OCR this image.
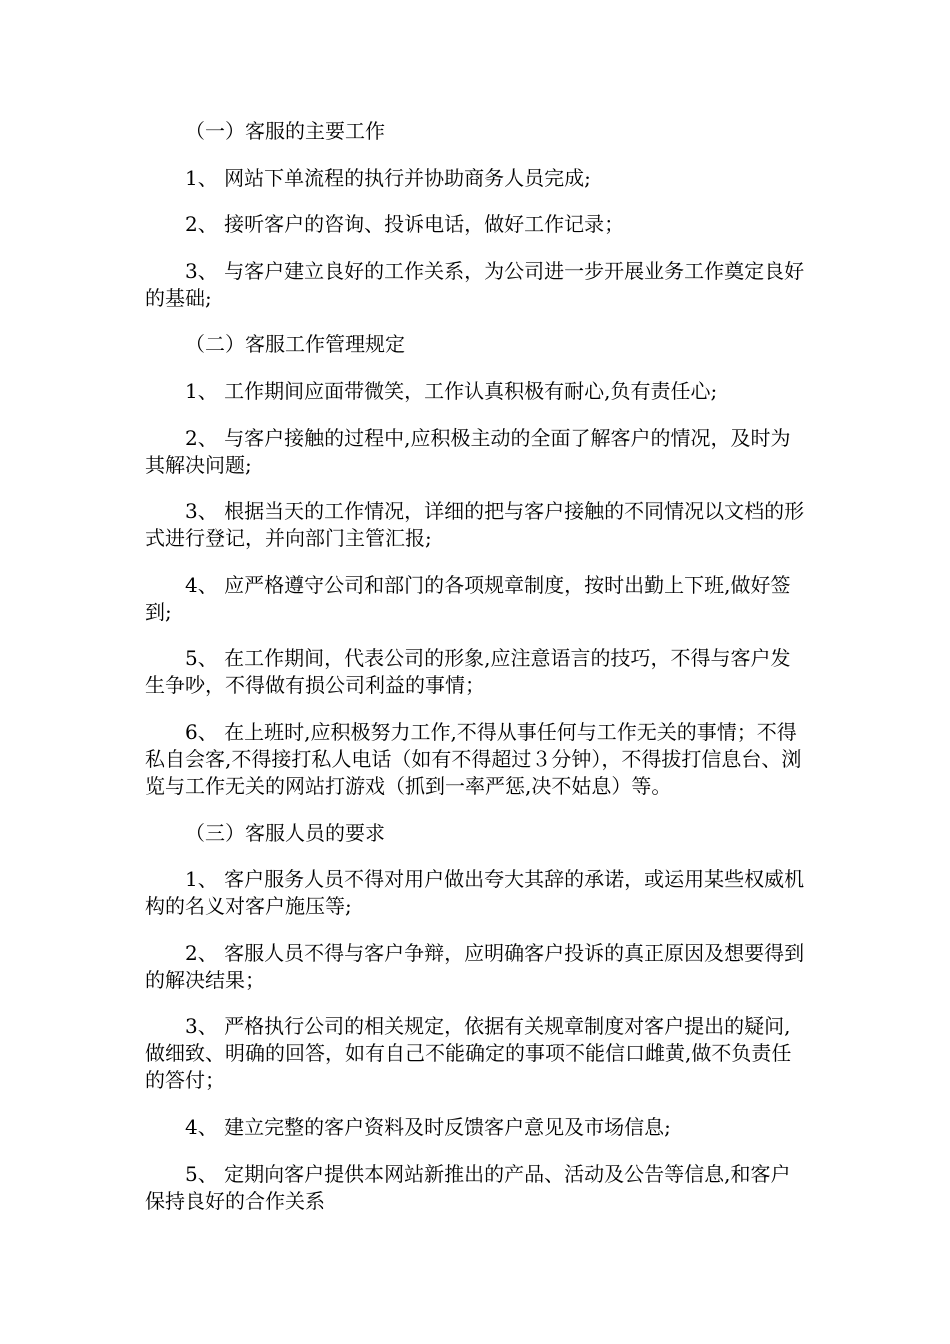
（一）客服的主要工作

1、 网站下单流程的执行并协助商务人员完成;

2、 接听客户的咨询、投诉电话，做好工作记录；

3、 与客户建立良好的工作关系，为公司进一步开展业务工作奠定良好的基础;

（二）客服工作管理规定

1、 工作期间应面带微笑，工作认真积极有耐心,负有责任心;

2、 与客户接触的过程中,应积极主动的全面了解客户的情况，及时为其解决问题;

3、 根据当天的工作情况，详细的把与客户接触的不同情况以文档的形式进行登记，并向部门主管汇报;

4、 应严格遵守公司和部门的各项规章制度，按时出勤上下班,做好签到;

5、 在工作期间，代表公司的形象,应注意语言的技巧，不得与客户发生争吵，不得做有损公司利益的事情；

6、 在上班时,应积极努力工作,不得从事任何与工作无关的事情；不得私自会客,不得接打私人电话（如有不得超过３分钟），不得拔打信息台、浏览与工作无关的网站打游戏（抓到一率严惩,决不姑息）等。

（三）客服人员的要求

1、 客户服务人员不得对用户做出夸大其辞的承诺，或运用某些权威机构的名义对客户施压等;

2、 客服人员不得与客户争辩，应明确客户投诉的真正原因及想要得到的解决结果；

3、 严格执行公司的相关规定，依据有关规章制度对客户提出的疑问,做细致、明确的回答，如有自己不能确定的事项不能信口雌黄,做不负责任的答付；

4、 建立完整的客户资料及时反馈客户意见及市场信息;

5、 定期向客户提供本网站新推出的产品、活动及公告等信息,和客户保持良好的合作关系
